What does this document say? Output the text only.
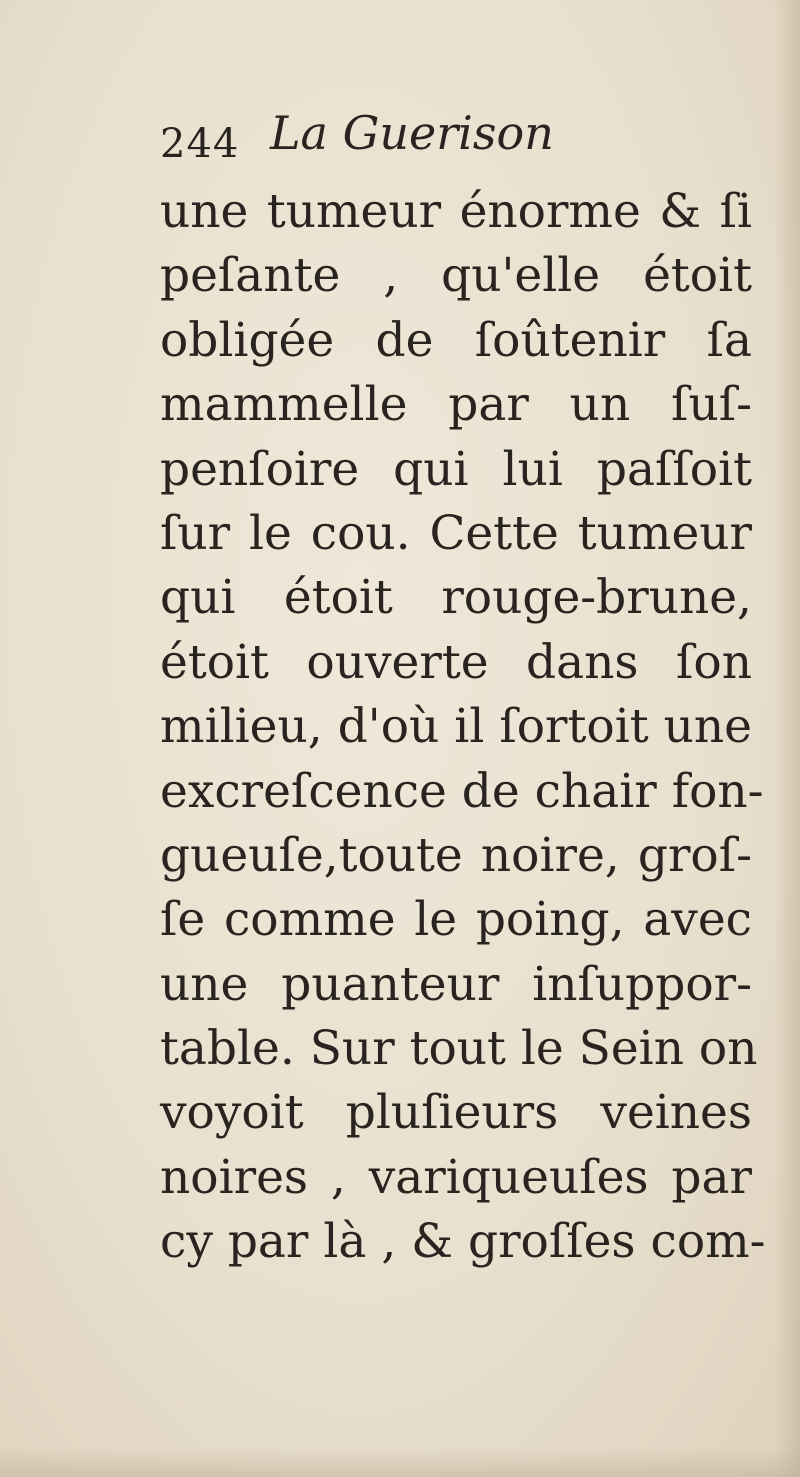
244 La Guerison
une tumeur énorme & ſi
peſante , qu'elle étoit
obligée de ſoûtenir ſa
mammelle par un ſuſ-
penſoire qui lui paſſoit
ſur le cou. Cette tumeur
qui étoit rouge-brune,
étoit ouverte dans ſon
milieu, d'où il ſortoit une
excreſcence de chair fon-
gueuſe,toute noire, groſ-
ſe comme le poing, avec
une puanteur inſuppor-
table. Sur tout le Sein on
voyoit pluſieurs veines
noires , variqueuſes par
cy par là , & groſſes com-
